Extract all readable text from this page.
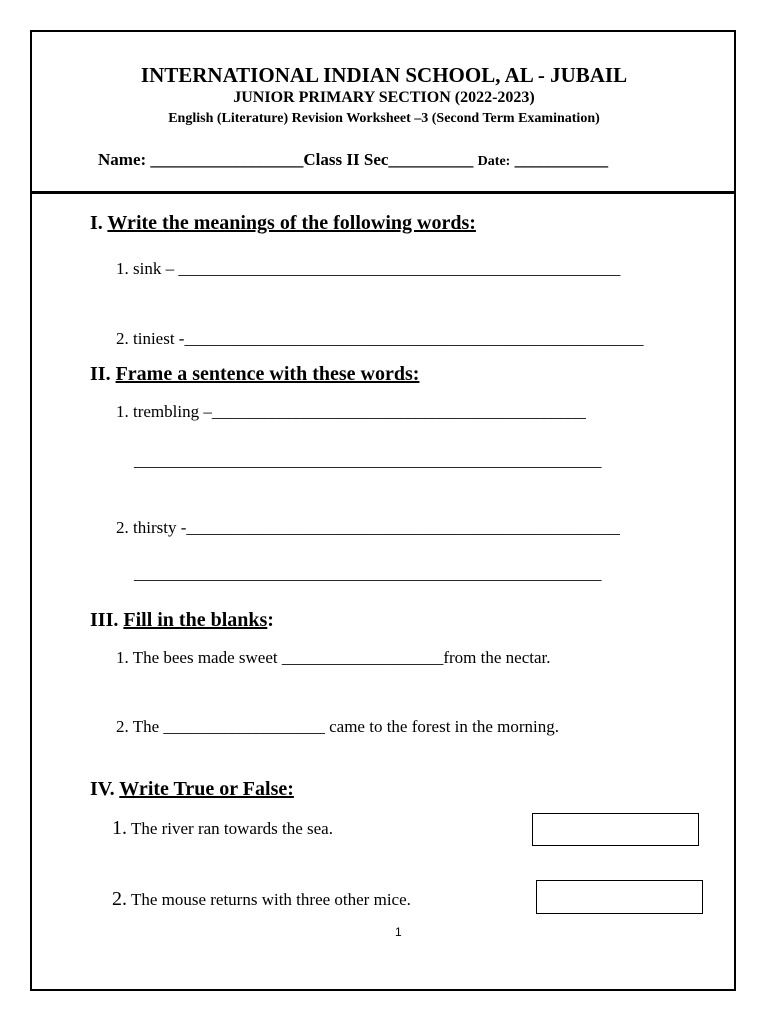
INTERNATIONAL INDIAN SCHOOL, AL - JUBAIL
JUNIOR PRIMARY SECTION (2022-2023)
English (Literature) Revision Worksheet –3 (Second Term Examination)
Name: __________________Class II Sec__________ Date: ___________
I. Write the meanings of the following words:
1. sink – ____________________________________________________
2. tiniest -______________________________________________________
II. Frame a sentence with these words:
1. trembling –____________________________________________
_______________________________________________________
2. thirsty -___________________________________________________
_______________________________________________________
III. Fill in the blanks:
1. The bees made sweet ___________________from the nectar.
2. The ___________________ came to the forest in the morning.
IV. Write True or False:
1. The river ran towards the sea.
2. The mouse returns with three other mice.
1
